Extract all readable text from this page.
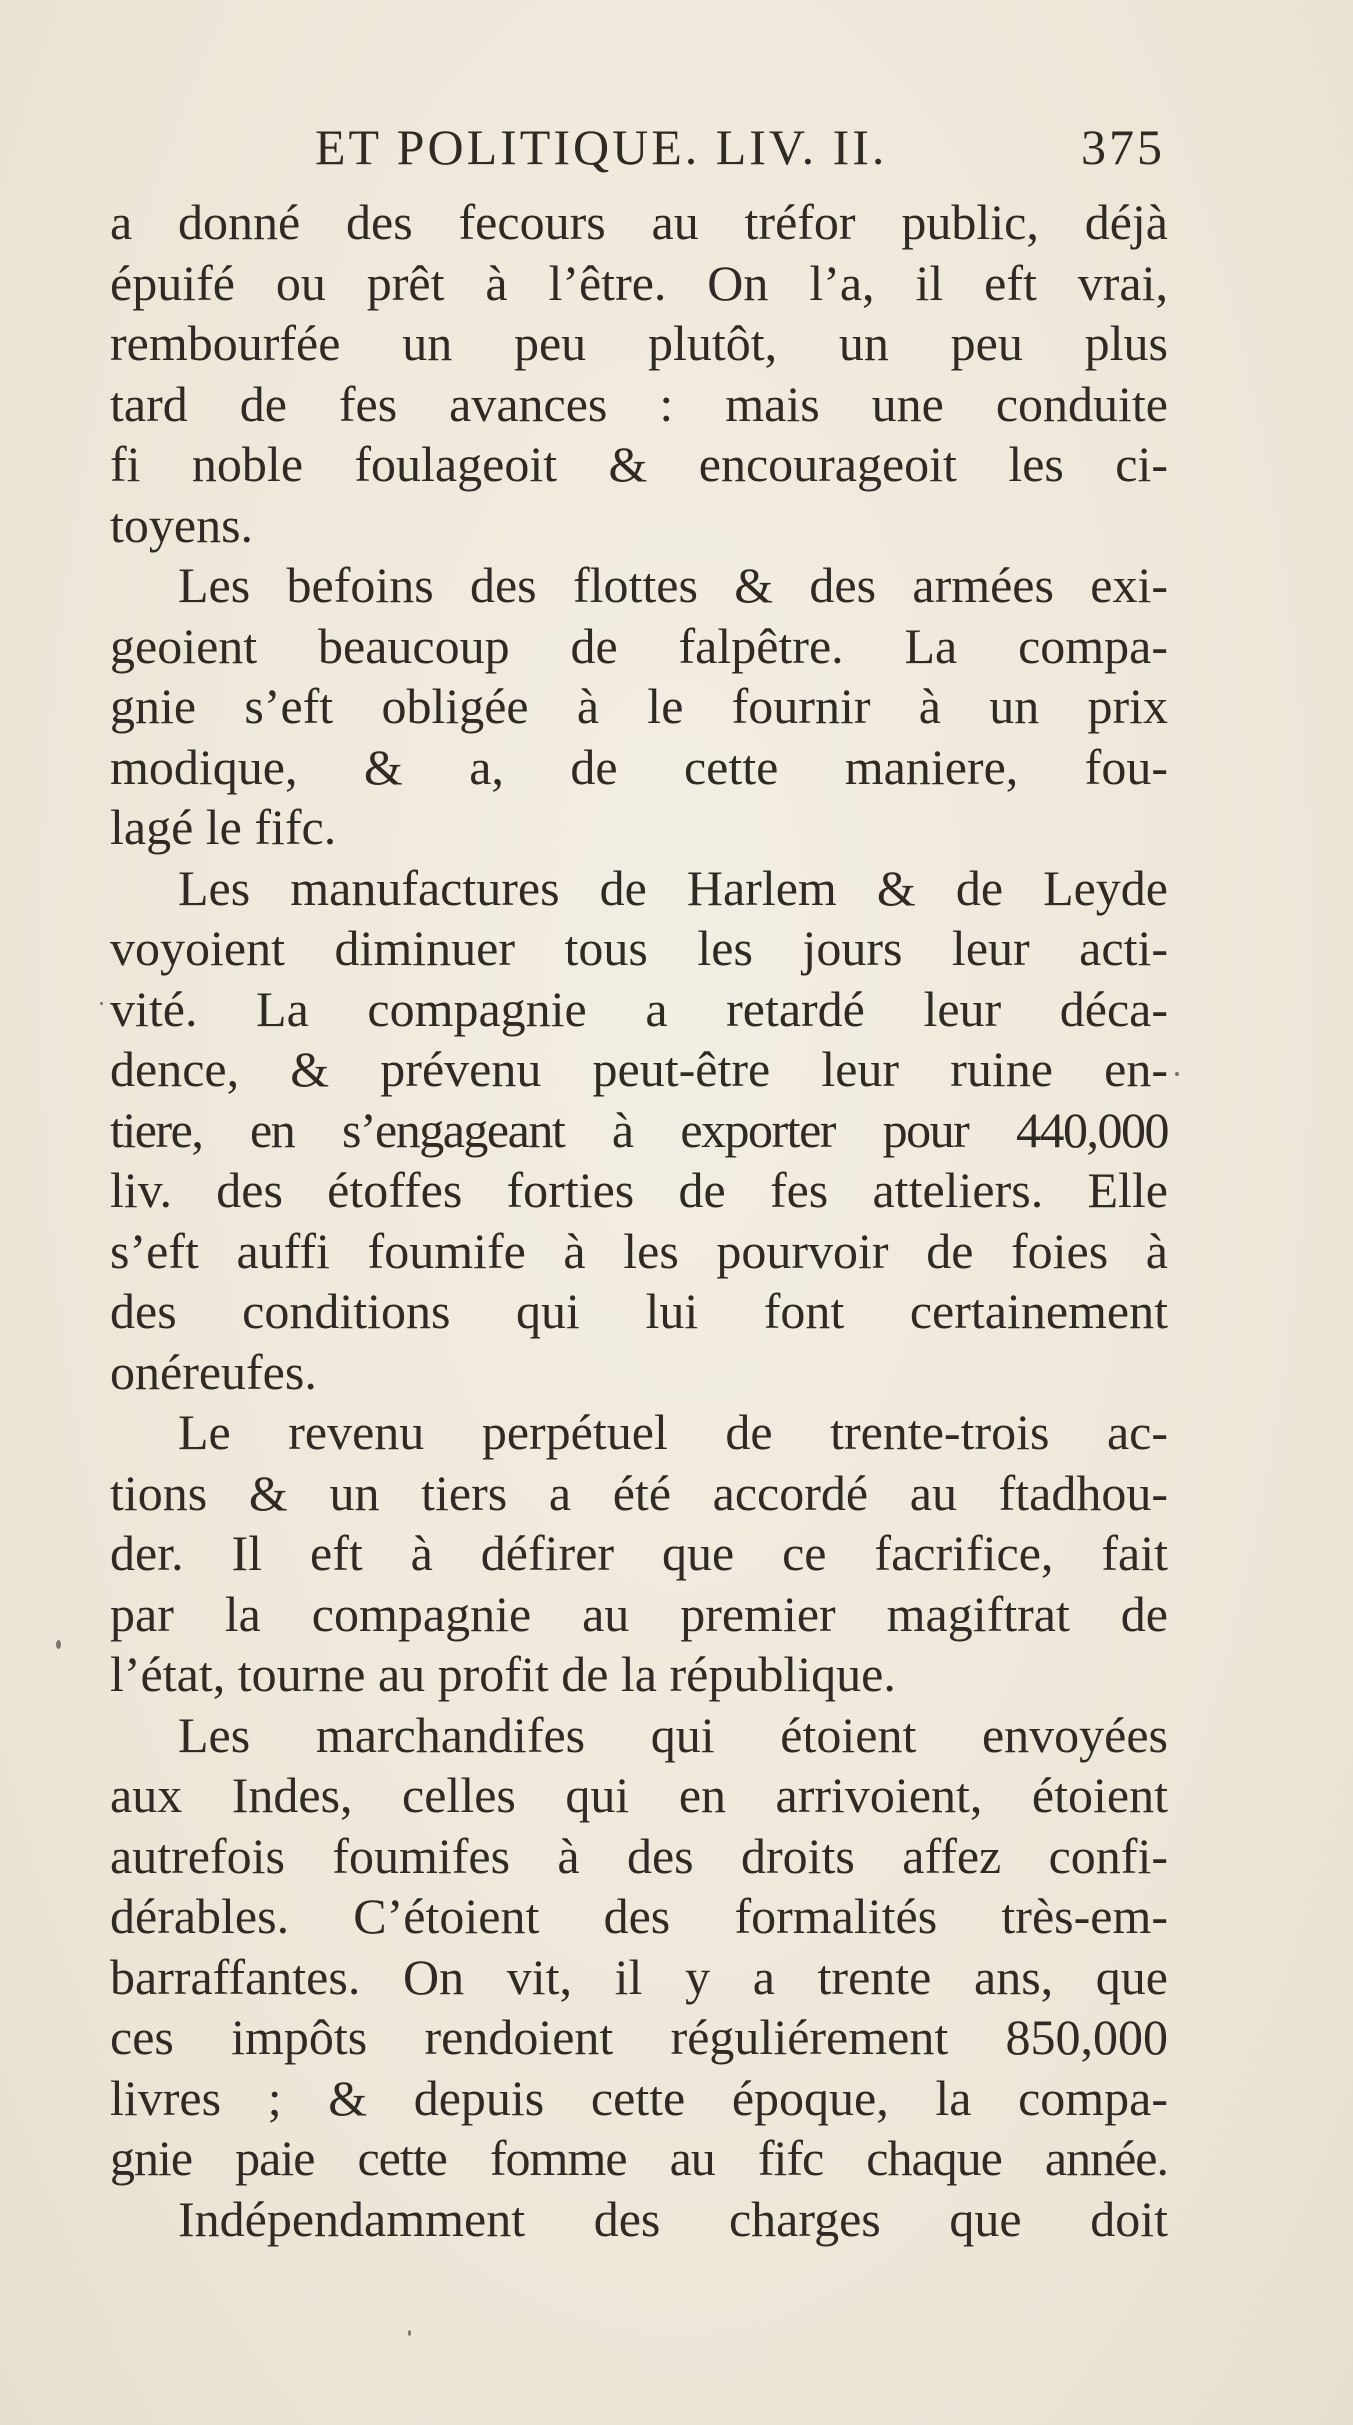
ET POLITIQUE. LIV. II.	375
a donné des fecours au tréfor public, déjà
épuifé ou prêt à l’être. On l’a, il eft vrai,
rembourfée un peu plutôt, un peu plus
tard de fes avances : mais une conduite
fi noble foulageoit & encourageoit les ci-
toyens.
Les befoins des flottes & des armées exi-
geoient beaucoup de falpêtre. La compa-
gnie s’eft obligée à le fournir à un prix
modique, & a, de cette maniere, fou-
lagé le fifc.
Les manufactures de Harlem & de Leyde
voyoient diminuer tous les jours leur acti-
vité. La compagnie a retardé leur déca-
dence, & prévenu peut-être leur ruine en-
tiere, en s’engageant à exporter pour 440,000
liv. des étoffes forties de fes atteliers. Elle
s’eft auffi foumife à les pourvoir de foies à
des conditions qui lui font certainement
onéreufes.
Le revenu perpétuel de trente-trois ac-
tions & un tiers a été accordé au ftadhou-
der. Il eft à défirer que ce facrifice, fait
par la compagnie au premier magiftrat de
l’état, tourne au profit de la république.
Les marchandifes qui étoient envoyées
aux Indes, celles qui en arrivoient, étoient
autrefois foumifes à des droits affez confi-
dérables. C’étoient des formalités très-em-
barraffantes. On vit, il y a trente ans, que
ces impôts rendoient réguliérement 850,000
livres ; & depuis cette époque, la compa-
gnie paie cette fomme au fifc chaque année.
Indépendamment des charges que doit
